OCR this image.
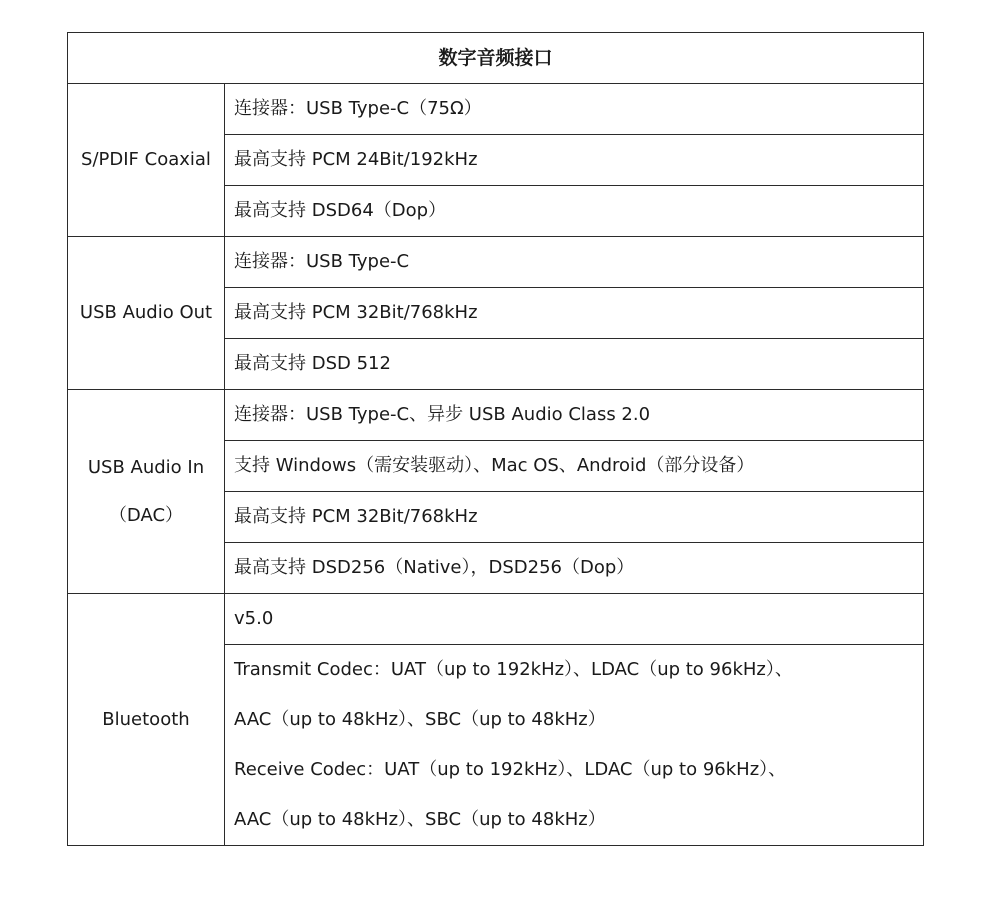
数字音频接口	
S/PDIF Coaxial	连接器：USB Type-C（75Ω）
	最高支持 PCM 24Bit/192kHz
	最高支持 DSD64（Dop）
USB Audio Out	连接器：USB Type-C
	最高支持 PCM 32Bit/768kHz
	最高支持 DSD 512

USB Audio In
（DAC）	连接器：USB Type-C、异步 USB Audio Class 2.0
	支持 Windows（需安装驱动）、Mac OS、Android（部分设备）
	最高支持 PCM 32Bit/768kHz
	最高支持 DSD256（Native），DSD256（Dop）
Bluetooth	v5.0

	Transmit Codec：UAT（up to 192kHz）、LDAC（up to 96kHz）、
AAC（up to 48kHz）、SBC（up to 48kHz）
Receive Codec：UAT（up to 192kHz）、LDAC（up to 96kHz）、
AAC（up to 48kHz）、SBC（up to 48kHz）
